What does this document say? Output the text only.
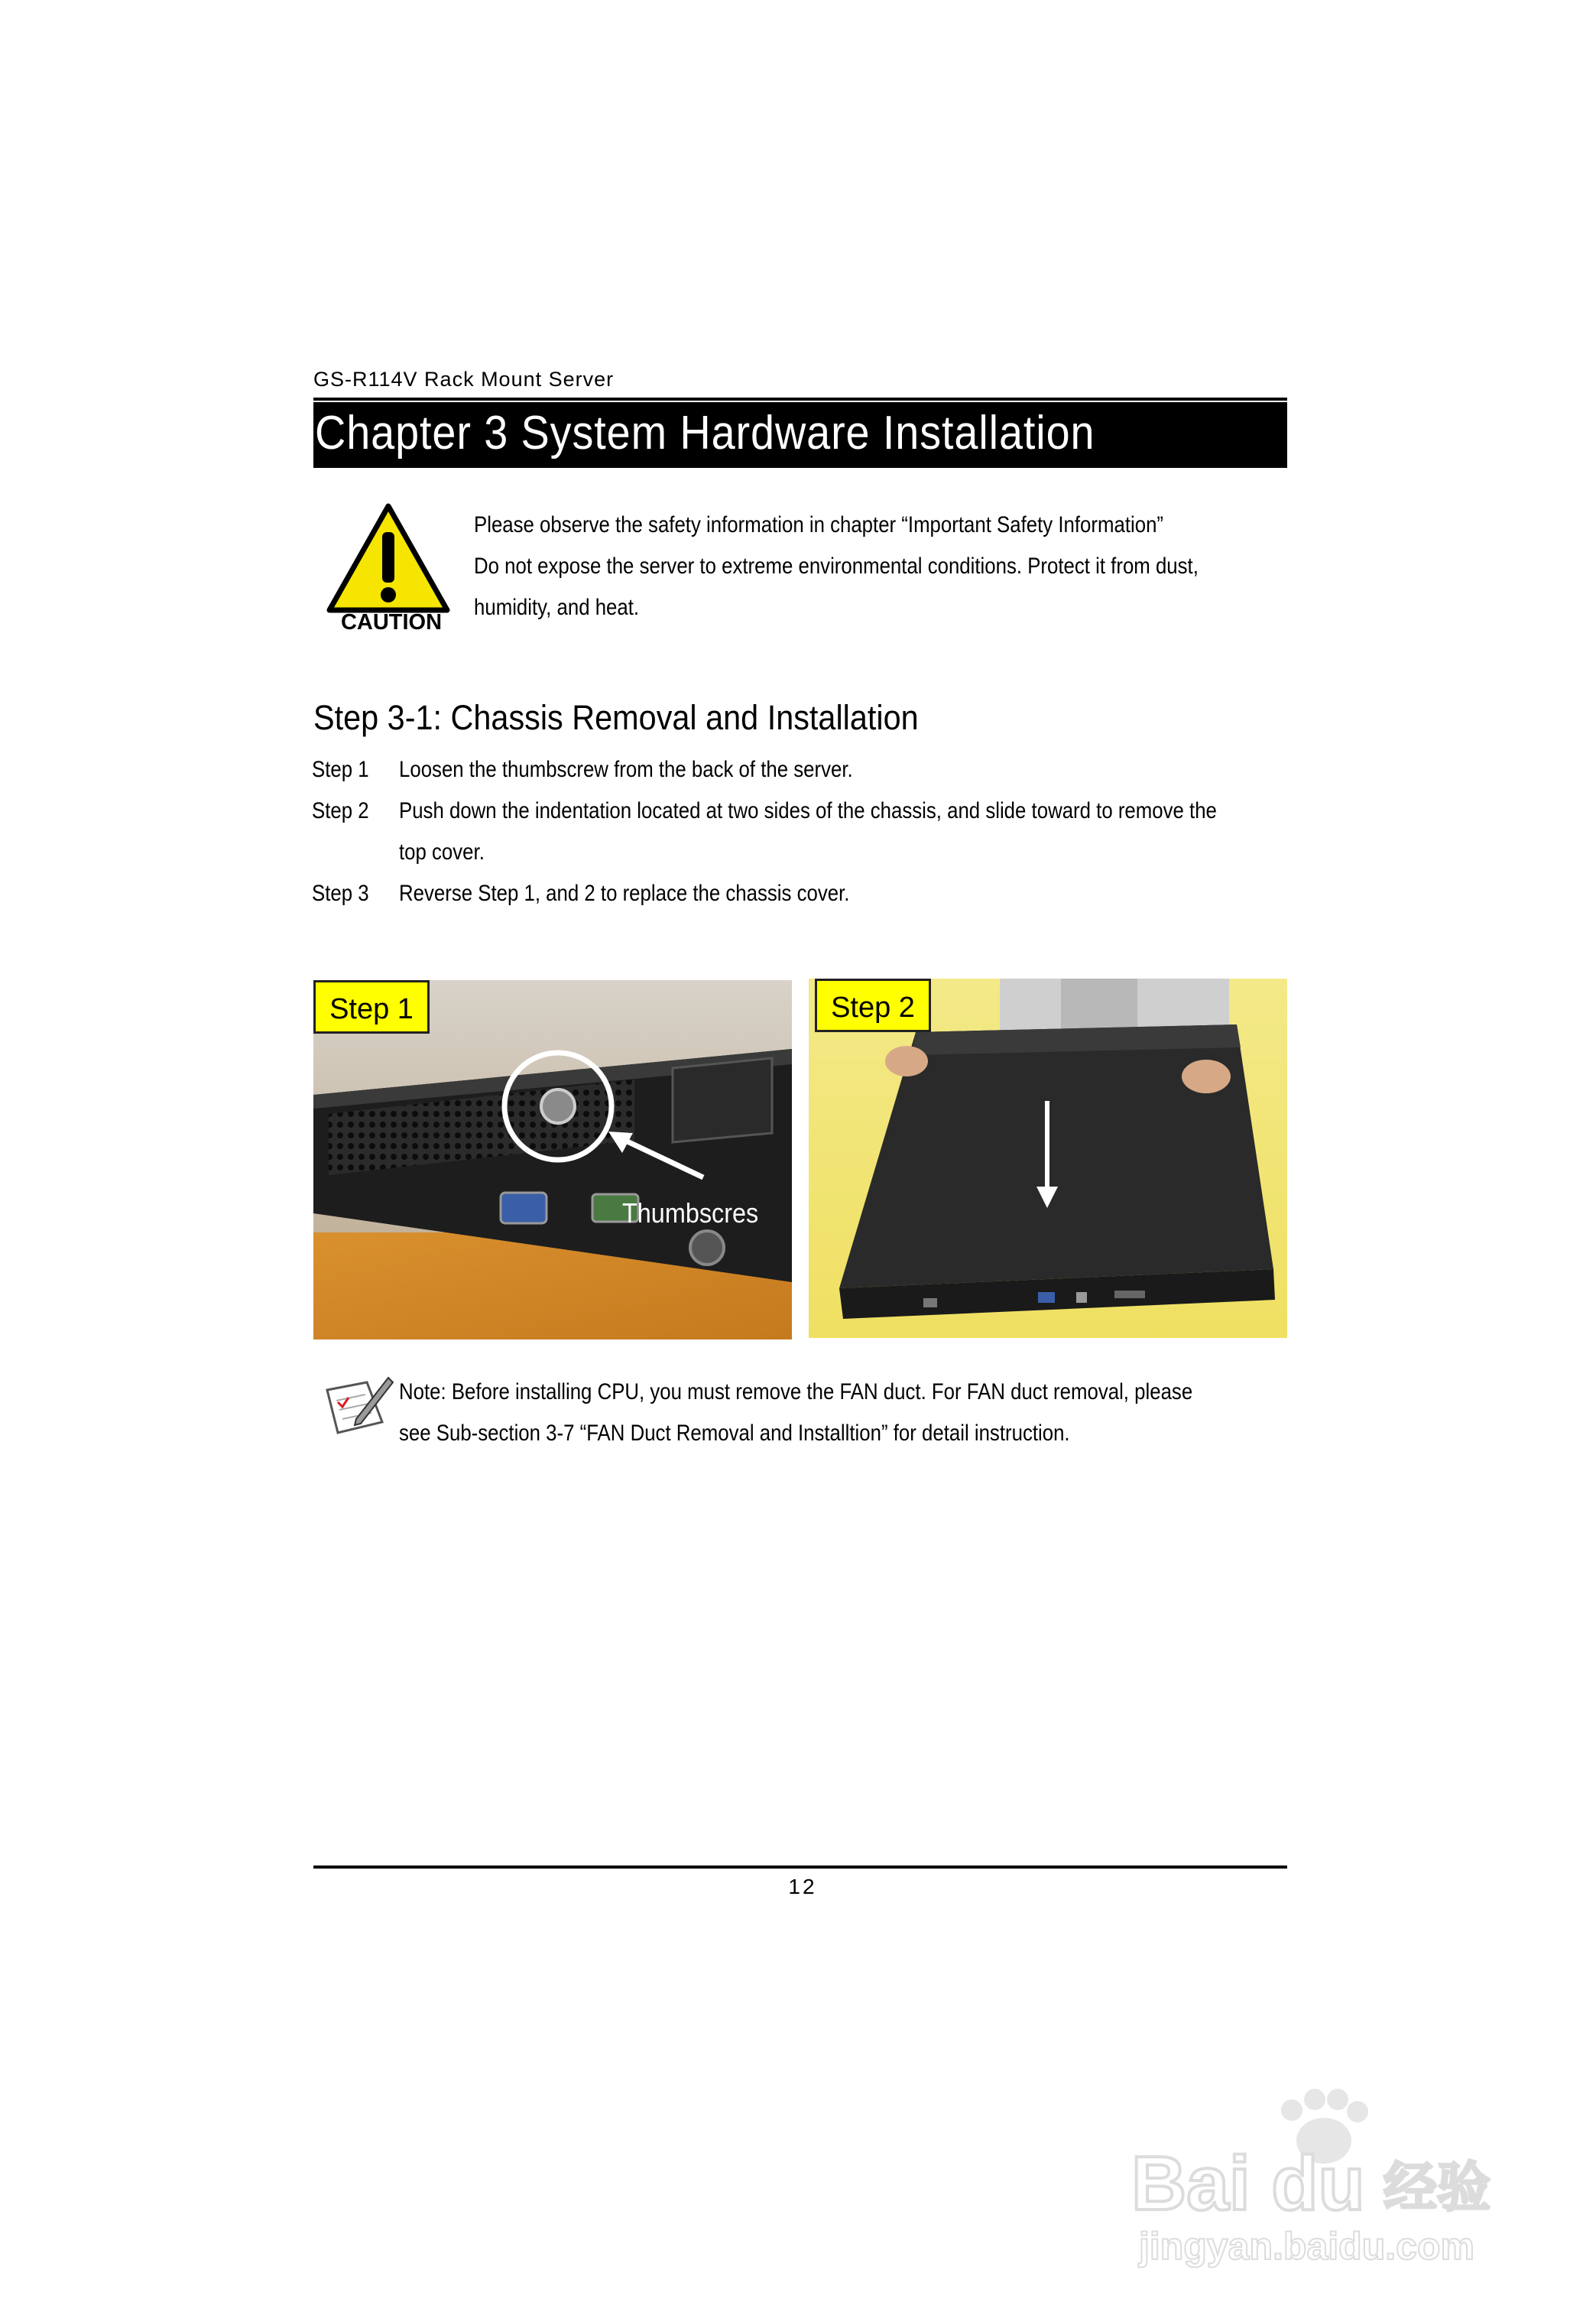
GS-R114V Rack Mount Server
Chapter 3 System Hardware Installation
CAUTION
Please observe the safety information in chapter “Important Safety Information”
Do not expose the server to extreme environmental conditions. Protect it from dust,
humidity, and heat.
Step 3-1: Chassis Removal and Installation
Step 1 Loosen the thumbscrew from the back of the server.
Step 2 Push down the indentation located at two sides of the chassis, and slide toward to remove the
top cover.
Step 3 Reverse Step 1, and 2 to replace the chassis cover.
Step 1
Thumbscres
Step 2
Note: Before installing CPU, you must remove the FAN duct. For FAN duct removal, please
see Sub-section 3-7 “FAN Duct Removal and Installtion” for detail instruction.
12
Bai du 经验
jingyan.baidu.com
